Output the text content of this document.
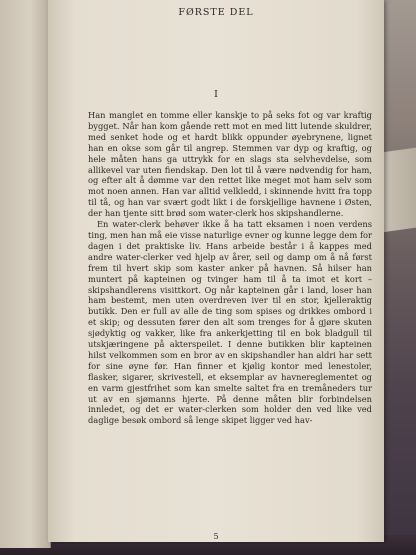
FØRSTE DEL
I

Han manglet en tomme eller kanskje to på seks fot og var kraftig bygget. Når han kom gående rett mot en med litt lutende skuldrer, med senket hode og et hardt blikk oppunder øyebrynene, lignet han en okse som går til angrep. Stemmen var dyp og kraftig, og hele måten hans ga uttrykk for en slags sta selvhevdelse, som allikevel var uten fiendskap. Den lot til å være nødvendig for ham, og efter alt å dømme var den rettet like meget mot ham selv som mot noen annen. Han var alltid velkledd, i skinnende hvitt fra topp til tå, og han var svært godt likt i de forskjellige havnene i Østen, der han tjente sitt brød som water-clerk hos skipshandlerne.

En water-clerk behøver ikke å ha tatt eksamen i noen verdens ting, men han må eie visse naturlige evner og kunne legge dem for dagen i det praktiske liv. Hans arbeide består i å kappes med andre water-clerker ved hjelp av årer, seil og damp om å nå først frem til hvert skip som kaster anker på havnen. Så hilser han muntert på kapteinen og tvinger ham til å ta imot et kort – skipshandlerens visittkort. Og når kapteinen går i land, loser han ham bestemt, men uten overdreven iver til en stor, kjelleraktig butikk. Den er full av alle de ting som spises og drikkes ombord i et skip; og dessuten fører den alt som trenges for å gjøre skuten sjødyktig og vakker, like fra ankerkjetting til en bok bladgull til utskjæringene på akterspeilet. I denne butikken blir kapteinen hilst velkommen som en bror av en skipshandler han aldri har sett for sine øyne før. Han finner et kjølig kontor med lenestoler, flasker, sigarer, skrivestell, et eksemplar av havnereglementet og en varm gjestfrihet som kan smelte saltet fra en tremåneders tur ut av en sjømanns hjerte. På denne måten blir forbindelsen innledet, og det er water-clerken som holder den ved like ved daglige besøk ombord så lenge skipet ligger ved hav-

5
